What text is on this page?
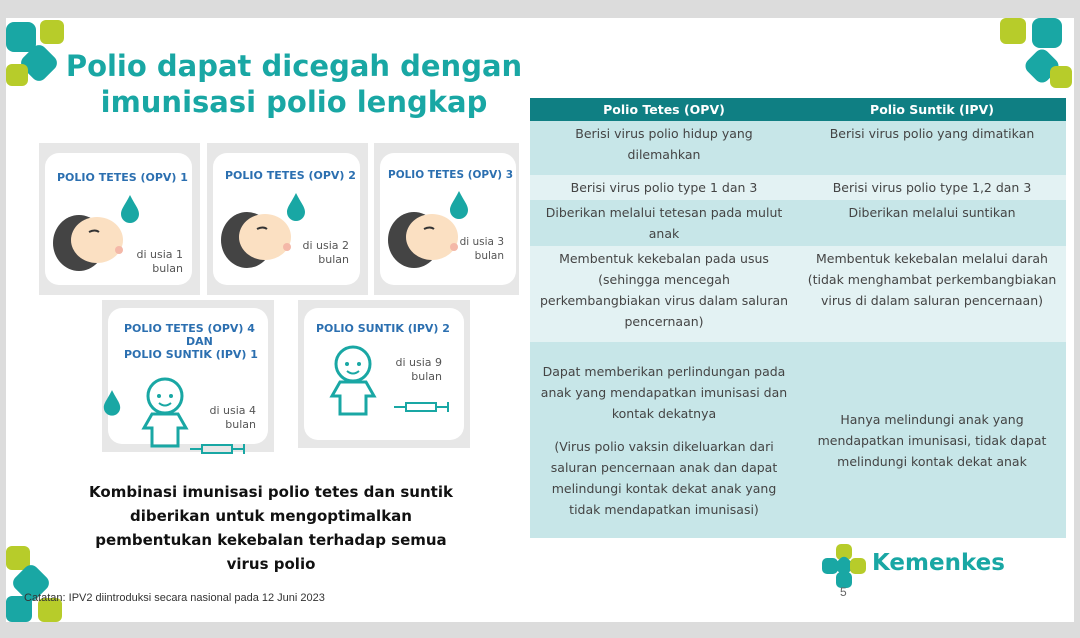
Polio dapat dicegah dengan imunisasi polio lengkap
POLIO TETES (OPV) 1
di usia 1 bulan
POLIO TETES (OPV) 2
di usia 2 bulan
POLIO TETES (OPV) 3
di usia 3 bulan
POLIO TETES (OPV) 4
DAN
POLIO SUNTIK (IPV) 1
di usia 4 bulan
POLIO SUNTIK (IPV) 2
di usia 9 bulan

Kombinasi imunisasi polio tetes dan suntik diberikan untuk mengoptimalkan pembentukan kekebalan terhadap semua virus polio

Catatan: IPV2 diintroduksi secara nasional pada 12 Juni 2023

Polio Tetes (OPV)	Polio Suntik (IPV)
Berisi virus polio hidup yang dilemahkan	Berisi virus polio yang dimatikan
Berisi virus polio type 1 dan 3	Berisi virus polio type 1,2 dan 3
Diberikan melalui tetesan pada mulut anak	Diberikan melalui suntikan
Membentuk kekebalan pada usus (sehingga mencegah perkembangbiakan virus dalam saluran pencernaan)	Membentuk kekebalan melalui darah (tidak menghambat perkembangbiakan virus di dalam saluran pencernaan)

Dapat memberikan perlindungan pada anak yang mendapatkan imunisasi dan kontak dekatnya

(Virus polio vaksin dikeluarkan dari saluran pencernaan anak dan dapat melindungi kontak dekat anak yang tidak mendapatkan imunisasi)	Hanya melindungi anak yang mendapatkan imunisasi, tidak dapat melindungi kontak dekat anak
Kemenkes
5
